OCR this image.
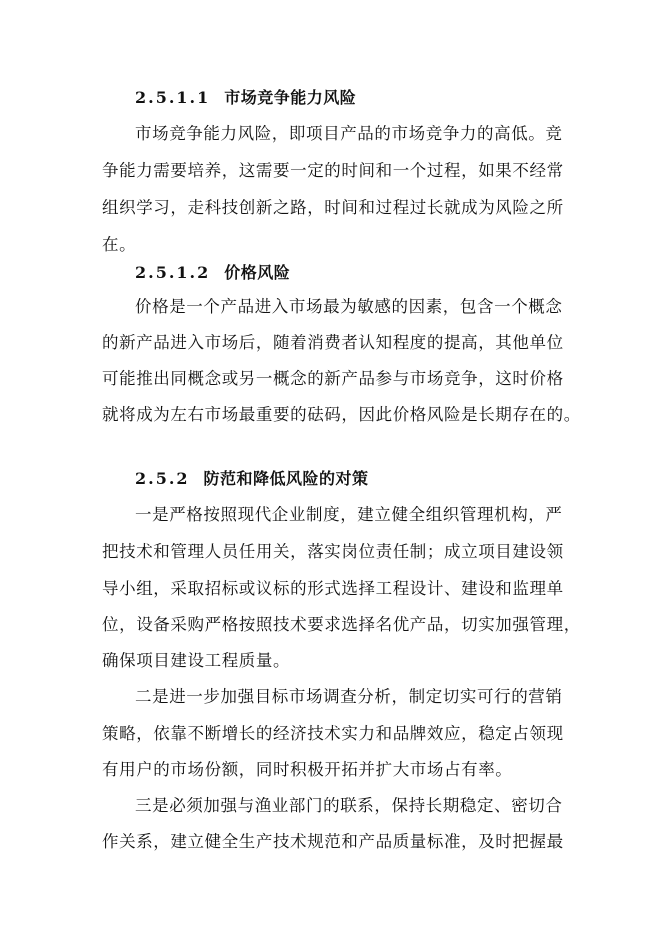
2.5.1.1 市场竞争能力风险
市场竞争能力风险，即项目产品的市场竞争力的高低。竞
争能力需要培养，这需要一定的时间和一个过程，如果不经常
组织学习，走科技创新之路，时间和过程过长就成为风险之所
在。
2.5.1.2 价格风险
价格是一个产品进入市场最为敏感的因素，包含一个概念
的新产品进入市场后，随着消费者认知程度的提高，其他单位
可能推出同概念或另一概念的新产品参与市场竞争，这时价格
就将成为左右市场最重要的砝码，因此价格风险是长期存在的。
2.5.2 防范和降低风险的对策
一是严格按照现代企业制度，建立健全组织管理机构，严
把技术和管理人员任用关，落实岗位责任制；成立项目建设领
导小组，采取招标或议标的形式选择工程设计、建设和监理单
位，设备采购严格按照技术要求选择名优产品，切实加强管理，
确保项目建设工程质量。
二是进一步加强目标市场调查分析，制定切实可行的营销
策略，依靠不断增长的经济技术实力和品牌效应，稳定占领现
有用户的市场份额，同时积极开拓并扩大市场占有率。
三是必须加强与渔业部门的联系，保持长期稳定、密切合
作关系，建立健全生产技术规范和产品质量标准，及时把握最
